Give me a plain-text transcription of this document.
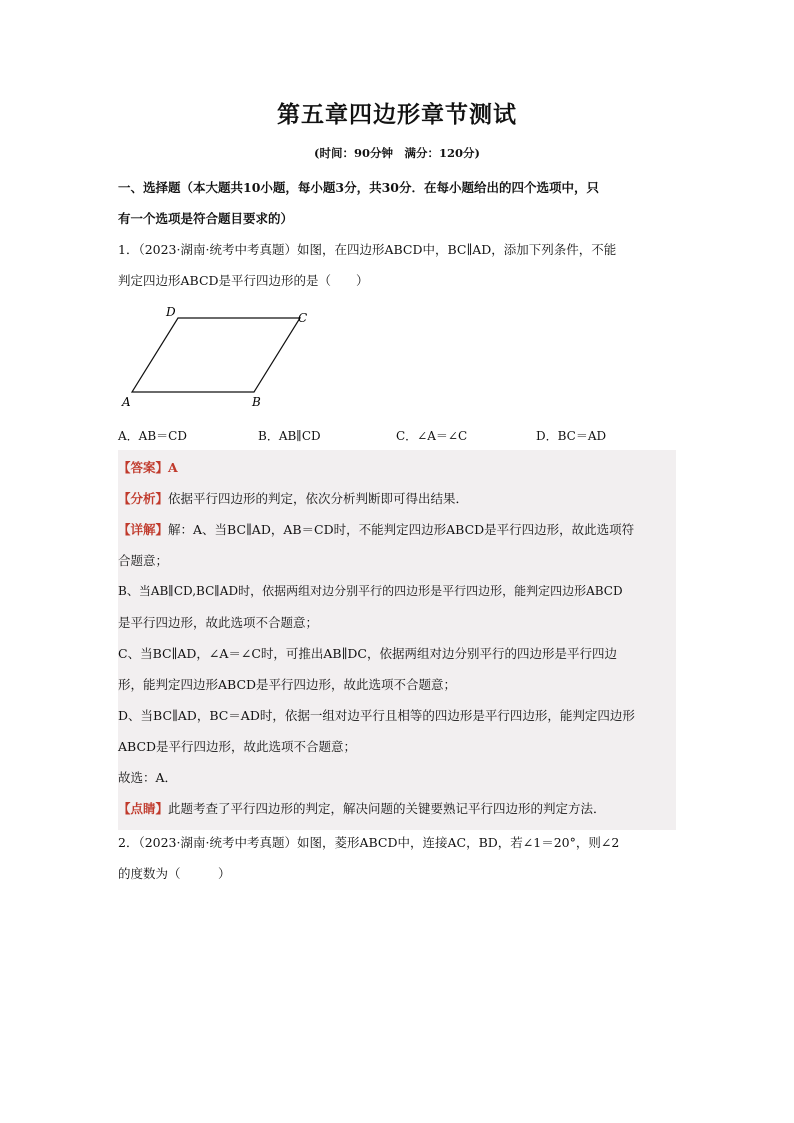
第五章四边形章节测试
(时间：90分钟　满分：120分)
一、选择题（本大题共10小题，每小题3分，共30分．在每小题给出的四个选项中，只
有一个选项是符合题目要求的）
1．（2023·湖南·统考中考真题）如图，在四边形ABCD中，BC∥AD，添加下列条件，不能
判定四边形ABCD是平行四边形的是（　　）
A．AB＝CD	B．AB∥CD	C．∠A＝∠C	D．BC＝AD
【答案】A
【分析】依据平行四边形的判定，依次分析判断即可得出结果．
【详解】解：A、当BC∥AD，AB＝CD时，不能判定四边形ABCD是平行四边形，故此选项符
合题意；
B、当AB∥CD,BC∥AD时，依据两组对边分别平行的四边形是平行四边形，能判定四边形ABCD
是平行四边形，故此选项不合题意；
C、当BC∥AD，∠A＝∠C时，可推出AB∥DC，依据两组对边分别平行的四边形是平行四边
形，能判定四边形ABCD是平行四边形，故此选项不合题意；
D、当BC∥AD，BC＝AD时，依据一组对边平行且相等的四边形是平行四边形，能判定四边形
ABCD是平行四边形，故此选项不合题意；
故选：A．
【点睛】此题考查了平行四边形的判定，解决问题的关键要熟记平行四边形的判定方法．
2．（2023·湖南·统考中考真题）如图，菱形ABCD中，连接AC，BD，若∠1＝20°，则∠2
的度数为（　　　）
A	B
C
D
